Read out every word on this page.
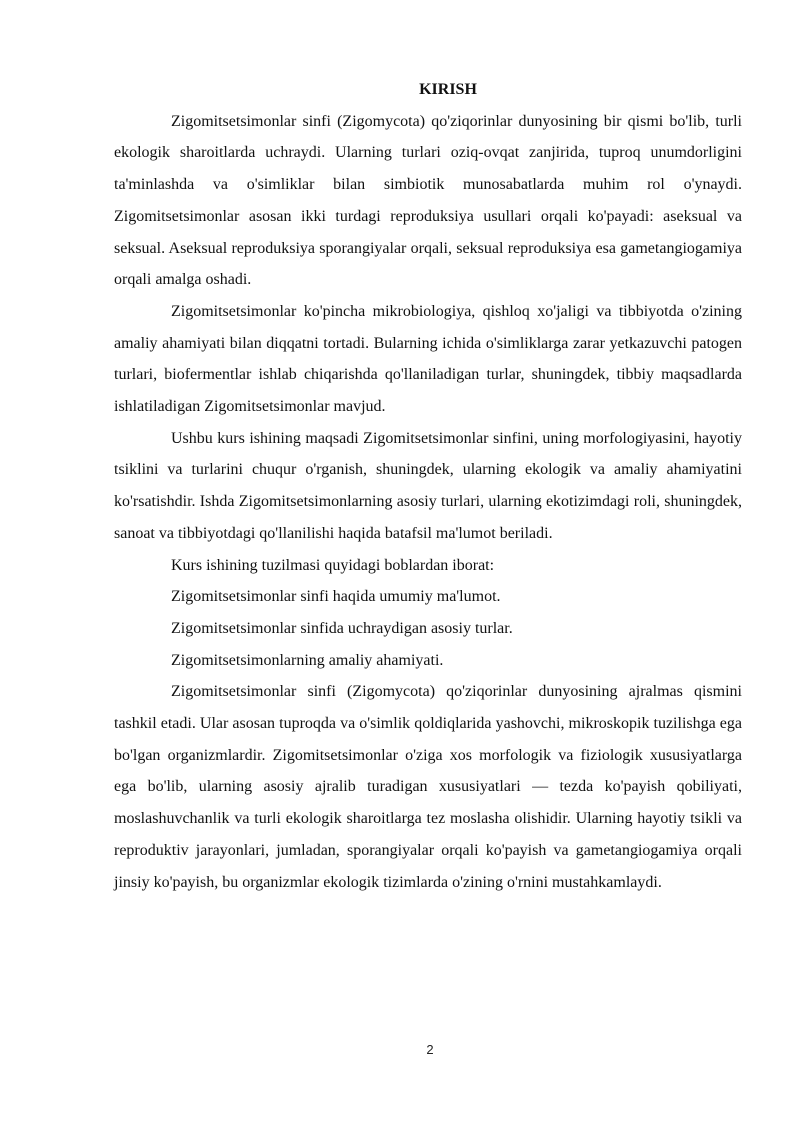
KIRISH

Zigomitsetsimonlar sinfi (Zigomycota) qo'ziqorinlar dunyosining bir qismi bo'lib, turli ekologik sharoitlarda uchraydi. Ularning turlari oziq-ovqat zanjirida, tuproq unumdorligini ta'minlashda va o'simliklar bilan simbiotik munosabatlarda muhim rol o'ynaydi. Zigomitsetsimonlar asosan ikki turdagi reproduksiya usullari orqali ko'payadi: aseksual va seksual. Aseksual reproduksiya sporangiyalar orqali, seksual reproduksiya esa gametangiogamiya orqali amalga oshadi.

Zigomitsetsimonlar ko'pincha mikrobiologiya, qishloq xo'jaligi va tibbiyotda o'zining amaliy ahamiyati bilan diqqatni tortadi. Bularning ichida o'simliklarga zarar yetkazuvchi patogen turlari, biofermentlar ishlab chiqarishda qo'llaniladigan turlar, shuningdek, tibbiy maqsadlarda ishlatiladigan Zigomitsetsimonlar mavjud.

Ushbu kurs ishining maqsadi Zigomitsetsimonlar sinfini, uning morfologiyasini, hayotiy tsiklini va turlarini chuqur o'rganish, shuningdek, ularning ekologik va amaliy ahamiyatini ko'rsatishdir. Ishda Zigomitsetsimonlarning asosiy turlari, ularning ekotizimdagi roli, shuningdek, sanoat va tibbiyotdagi qo'llanilishi haqida batafsil ma'lumot beriladi.

Kurs ishining tuzilmasi quyidagi boblardan iborat:

Zigomitsetsimonlar sinfi haqida umumiy ma'lumot.

Zigomitsetsimonlar sinfida uchraydigan asosiy turlar.

Zigomitsetsimonlarning amaliy ahamiyati.

Zigomitsetsimonlar sinfi (Zigomycota) qo'ziqorinlar dunyosining ajralmas qismini tashkil etadi. Ular asosan tuproqda va o'simlik qoldiqlarida yashovchi, mikroskopik tuzilishga ega bo'lgan organizmlardir. Zigomitsetsimonlar o'ziga xos morfologik va fiziologik xususiyatlarga ega bo'lib, ularning asosiy ajralib turadigan xususiyatlari — tezda ko'payish qobiliyati, moslashuvchanlik va turli ekologik sharoitlarga tez moslasha olishidir. Ularning hayotiy tsikli va reproduktiv jarayonlari, jumladan, sporangiyalar orqali ko'payish va gametangiogamiya orqali jinsiy ko'payish, bu organizmlar ekologik tizimlarda o'zining o'rnini mustahkamlaydi.

2
